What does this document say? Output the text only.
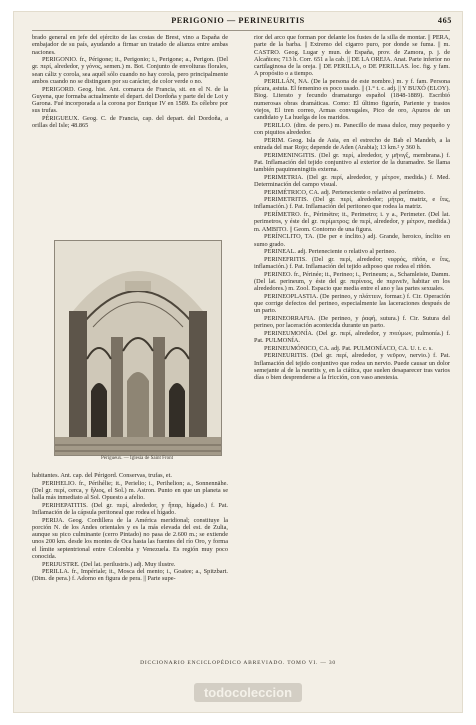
PERIGONIO — PERINEURITIS	465

brado general en jefe del ejército de las costas de Brest, vino a España de embajador de su país, ayudando a firmar un tratado de alianza entre ambas naciones.

PERIGONIO. fr., Périgone; it., Perigonio; i., Perigone; a., Perigon. (Del gr. περί, alrededor, y γόνος, semen.) m. Bot. Conjunto de envolturas florales, sean cáliz y corola, sea aquél sólo cuando no hay corola, pero principalmente ambos cuando no se distinguen por su carácter, de color verde o no.

PERIGORD. Geog. hist. Ant. comarca de Francia, sit. en el N. de la Guyena, que formaba actualmente el depart. del Dordoña y parte del de Lot y Garona. Fué incorporada a la corona por Enrique IV en 1589. Es célebre por sus trufas.

PÉRIGUEUX. Geog. C. de Francia, cap. del depart. del Dordoña, a orillas del Isle; 48.865

Périgueux. — Iglesia de Saint Front

habitantes. Ant. cap. del Périgord. Conservas, trufas, et.

PERIHELIO. fr., Périhélie; it., Perielio; i., Perihelion; a., Sonnennähe. (Del gr. περί, cerca, y ἥλιος, el Sol.) m. Astron. Punto en que un planeta se halla más inmediato al Sol. Opuesto a afelio.

PERIHEPATITIS. (Del gr. περί, alrededor, y ἧπαρ, hígado.) f. Pat. Inflamación de la cápsula peritoneal que rodea el hígado.

PERIJA. Geog. Cordillera de la América meridional; constituye la porción N. de los Andes orientales y es la más elevada del est. de Zulia, aunque su pico culminante (cerro Pintado) no pasa de 2.600 m.; se extiende unos 200 km. desde los montes de Oca hasta las fuentes del río Oro, y forma el límite septentrional entre Colombia y Venezuela. Es región muy poco conocida.

PERIJUSTRE. (Del lat. perilustris.) adj. Muy ilustre.

PERILLA. fr., Impériale; it., Mosca del mento; i., Goatee; a., Spitzbart. (Dim. de pera.) f. Adorno en figura de pera. || Parte supe-

rior del arco que forman por delante los fustes de la silla de montar. || PERA, parte de la barba. || Extremo del cigarro puro, por donde se fuma. || m. CASTRO. Geog. Lugar y mun. de España, prov. de Zamora, p. j. de Alcañices; 713 h. Corr. 651 a la cab. || DE LA OREJA. Anat. Parte inferior no cartilaginosa de la oreja. || DE PERILLA, o DE PERILLAS. loc. fig. y fam. A propósito o a tiempo.

PERILLÁN, NA. (De la persona de este nombre.) m. y f. fam. Persona pícara, astuta. El femenino es poco usado. || (1.° t. c. adj. || Y BUXÓ (ELOY). Biog. Literato y fecundo dramaturgo español (1848-1889). Escribió numerosas obras dramáticas. Como: El último figurín, Pariente y trastos viejos, El tren correo, Armas convugales, Pico de oro, Apuros de un candidato y La huelga de los maridos.

PERILLO. (dim. de pero.) m. Panecillo de masa dulce, muy pequeño y con piquitos alrededor.

PERIM. Geog. Isla de Asia, en el estrecho de Bab el Mandeb, a la entrada del mar Rojo; depende de Aden (Arabia); 13 km.² y 360 h.

PERIMENINGITIS. (Del gr. περί, alrededor, y μῆνιγξ, membrana.) f. Pat. Inflamación del tejido conjuntivo al exterior de la duramadre. Se llama también paquimeningitis externa.

PERIMETRIA. (Del gr. περί, alrededor, y μέτρον, medida.) f. Med. Determinación del campo visual.

PERIMÉTRICO, CA. adj. Perteneciente o relativo al perímetro.

PERIMETRITIS. (Del gr. περί, alrededor; μήτρα, matriz, e ἴτις, inflamación.) f. Pat. Inflamación del peritoneo que rodea la matriz.

PERÍMETRO. fr., Périmètre; it., Perimetro; i. y a., Perimeter. (Del lat. perimetros, y éste del gr. περίμετρος; de περί, alrededor, y μέτρον, medida.) m. AMBITO. || Geom. Contorno de una figura.

PERÍNCLITO, TA. (De per e ínclito.) adj. Grande, heroico, ínclito en sumo grado.

PERINEAL. adj. Perteneciente o relativo al perineo.

PERINEFRITIS. (Del gr. περί, alrededor; νεφρός, riñón, e ἴτις, inflamación.) f. Pat. Inflamación del tejido adiposo que rodea el riñón.

PERINEO. fr., Périnée; it., Perineo; i., Perineum; a., Schamleiste, Damm. (Del lat. perineum, y éste del gr. περίνεος, de περινεῖν, habitar en los alrededores.) m. Zool. Espacio que media entre el ano y las partes sexuales.

PERINEOPLASTIA. (De perineo, y πλάττειν, formar.) f. Cir. Operación que corrige defectos del perineo, especialmente las laceraciones después de un parto.

PERINEORRAFIA. (De perineo, y ῥαφή, sutura.) f. Cir. Sutura del perineo, por laceración acontecida durante un parto.

PERINEUMONÍA. (Del gr. περί, alrededor, y πνεύμων, pulmonía.) f. Pat. PULMONÍA.

PERINEUMÓNICO, CA. adj. Pat. PULMONÍACO, CA. U. t. c. s.

PERINEURITIS. (Del gr. περί, alrededor, y νεῦρον, nervio.) f. Pat. Inflamación del tejido conjuntivo que rodea un nervio. Puede causar un dolor semejante al de la neuritis y, en la ciática, que suelen desaparecer tras varios días o bien desprenderse a la fricción, con vaso anestesia.

DICCIONARIO ENCICLOPÉDICO ABREVIADO. TOMO VI. — 30
todocoleccion
